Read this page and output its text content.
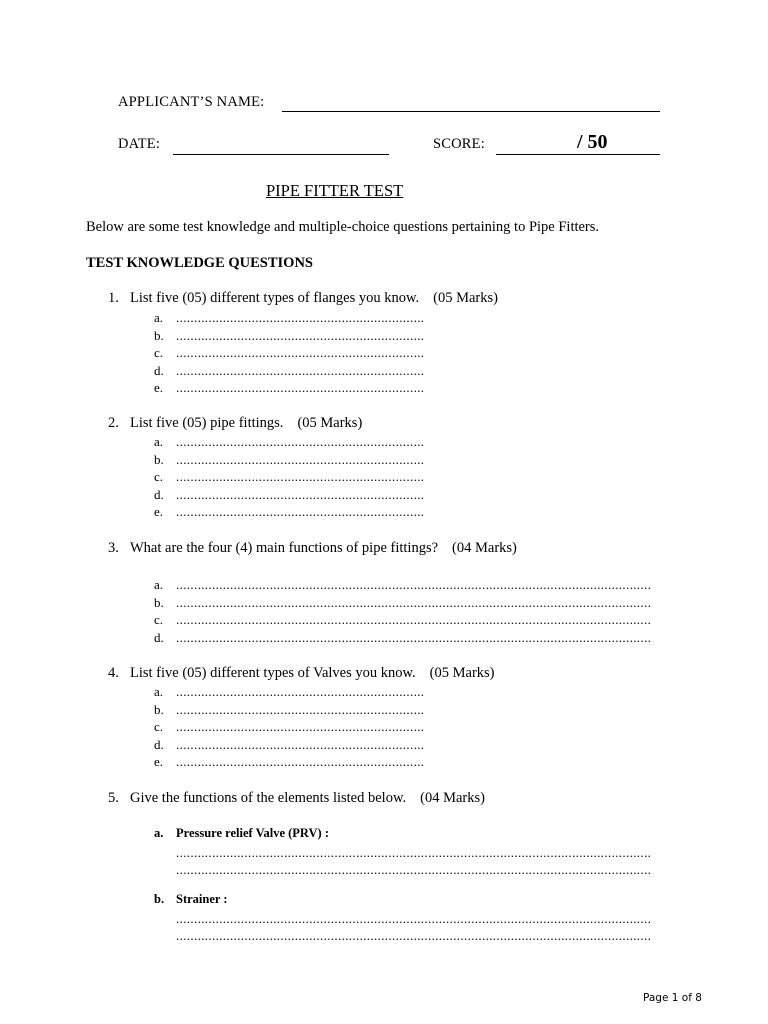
APPLICANT’S NAME:
DATE:	SCORE:	/ 50
PIPE FITTER TEST
Below are some test knowledge and multiple-choice questions pertaining to Pipe Fitters.
TEST KNOWLEDGE QUESTIONS
1. List five (05) different types of flanges you know. (05 Marks)
a. .....................................................................
b. .....................................................................
c. .....................................................................
d. .....................................................................
e. .....................................................................
2. List five (05) pipe fittings. (05 Marks)
a. .....................................................................
b. .....................................................................
c. .....................................................................
d. .....................................................................
e. .....................................................................
3. What are the four (4) main functions of pipe fittings? (04 Marks)
a. ....................................................................................................................................
b. ....................................................................................................................................
c. ....................................................................................................................................
d. ....................................................................................................................................
4. List five (05) different types of Valves you know. (05 Marks)
a. .....................................................................
b. .....................................................................
c. .....................................................................
d. .....................................................................
e. .....................................................................
5. Give the functions of the elements listed below. (04 Marks)
a. Pressure relief Valve (PRV) :
....................................................................................................................................
....................................................................................................................................
b. Strainer :
....................................................................................................................................
....................................................................................................................................
Page 1 of 8
